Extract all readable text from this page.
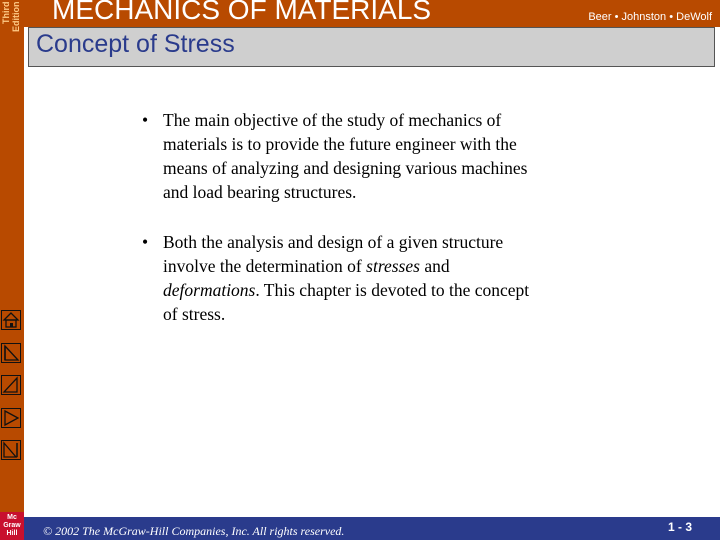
Third Edition
Mc Graw Hill
MECHANICS OF MATERIALS	Beer • Johnston • DeWolf
Concept of Stress
• The main objective of the study of mechanics of materials is to provide the future engineer with the means of analyzing and designing various machines and load bearing structures.
• Both the analysis and design of a given structure involve the determination of stresses and deformations. This chapter is devoted to the concept of stress.
© 2002 The McGraw-Hill Companies, Inc. All rights reserved.	1 - 3
